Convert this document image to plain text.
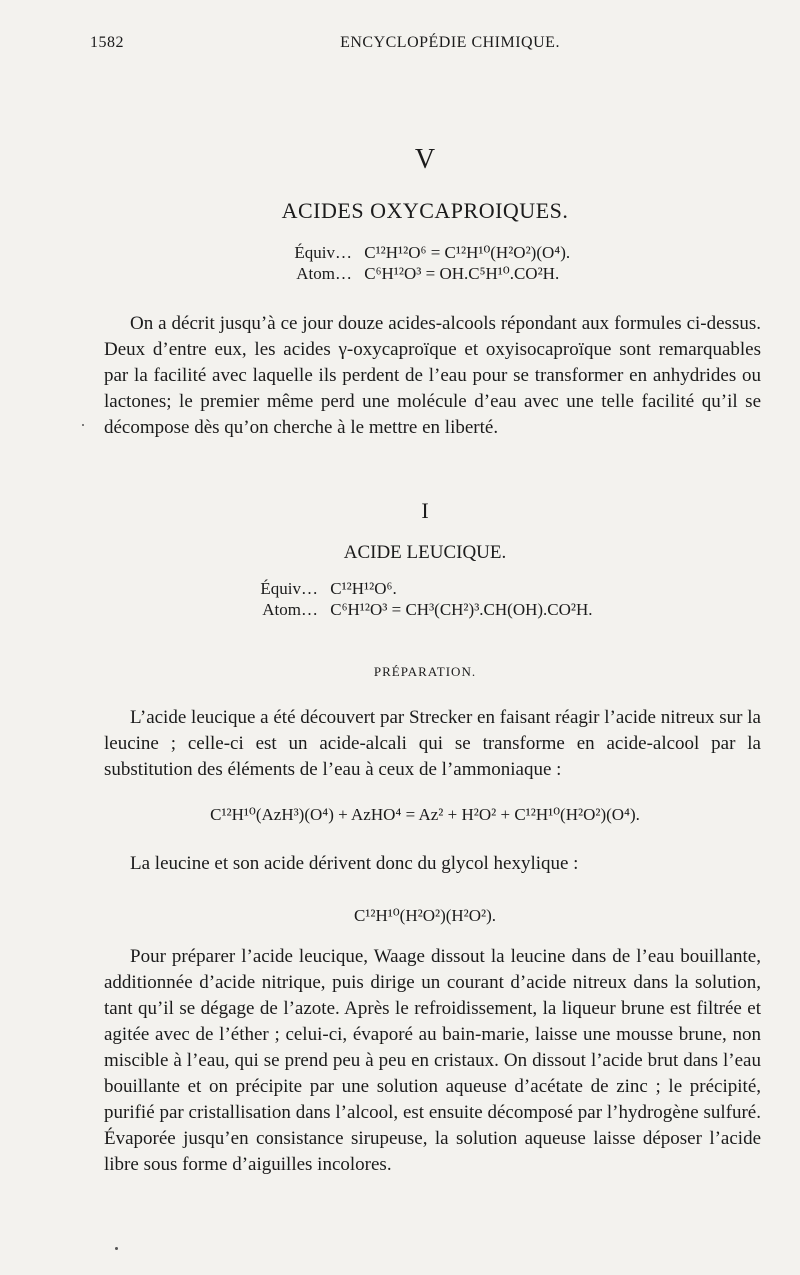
1582	ENCYCLOPÉDIE CHIMIQUE.
V
ACIDES OXYCAPROIQUES.
Équiv… C¹²H¹²O⁶ = C¹²H¹⁰(H²O²)(O⁴).
Atom… C⁶H¹²O³ = OH.C⁵H¹⁰.CO²H.

On a décrit jusqu’à ce jour douze acides-alcools répondant aux formules ci-dessus. Deux d’entre eux, les acides γ-oxycaproïque et oxyisocaproïque sont remarquables par la facilité avec laquelle ils perdent de l’eau pour se transformer en anhydrides ou lactones; le premier même perd une molécule d’eau avec une telle facilité qu’il se décompose dès qu’on cherche à le mettre en liberté.

I
ACIDE LEUCIQUE.
Équiv… C¹²H¹²O⁶.
Atom… C⁶H¹²O³ = CH³(CH²)³.CH(OH).CO²H.
PRÉPARATION.

L’acide leucique a été découvert par Strecker en faisant réagir l’acide nitreux sur la leucine ; celle-ci est un acide-alcali qui se transforme en acide-alcool par la substitution des éléments de l’eau à ceux de l’ammoniaque :

C¹²H¹⁰(AzH³)(O⁴) + AzHO⁴ = Az² + H²O² + C¹²H¹⁰(H²O²)(O⁴).

La leucine et son acide dérivent donc du glycol hexylique :

C¹²H¹⁰(H²O²)(H²O²).

Pour préparer l’acide leucique, Waage dissout la leucine dans de l’eau bouillante, additionnée d’acide nitrique, puis dirige un courant d’acide nitreux dans la solution, tant qu’il se dégage de l’azote. Après le refroidissement, la liqueur brune est filtrée et agitée avec de l’éther ; celui-ci, évaporé au bain-marie, laisse une mousse brune, non miscible à l’eau, qui se prend peu à peu en cristaux. On dissout l’acide brut dans l’eau bouillante et on précipite par une solution aqueuse d’acétate de zinc ; le précipité, purifié par cristallisation dans l’alcool, est ensuite décomposé par l’hydrogène sulfuré. Évaporée jusqu’en consistance sirupeuse, la solution aqueuse laisse déposer l’acide libre sous forme d’aiguilles incolores.
